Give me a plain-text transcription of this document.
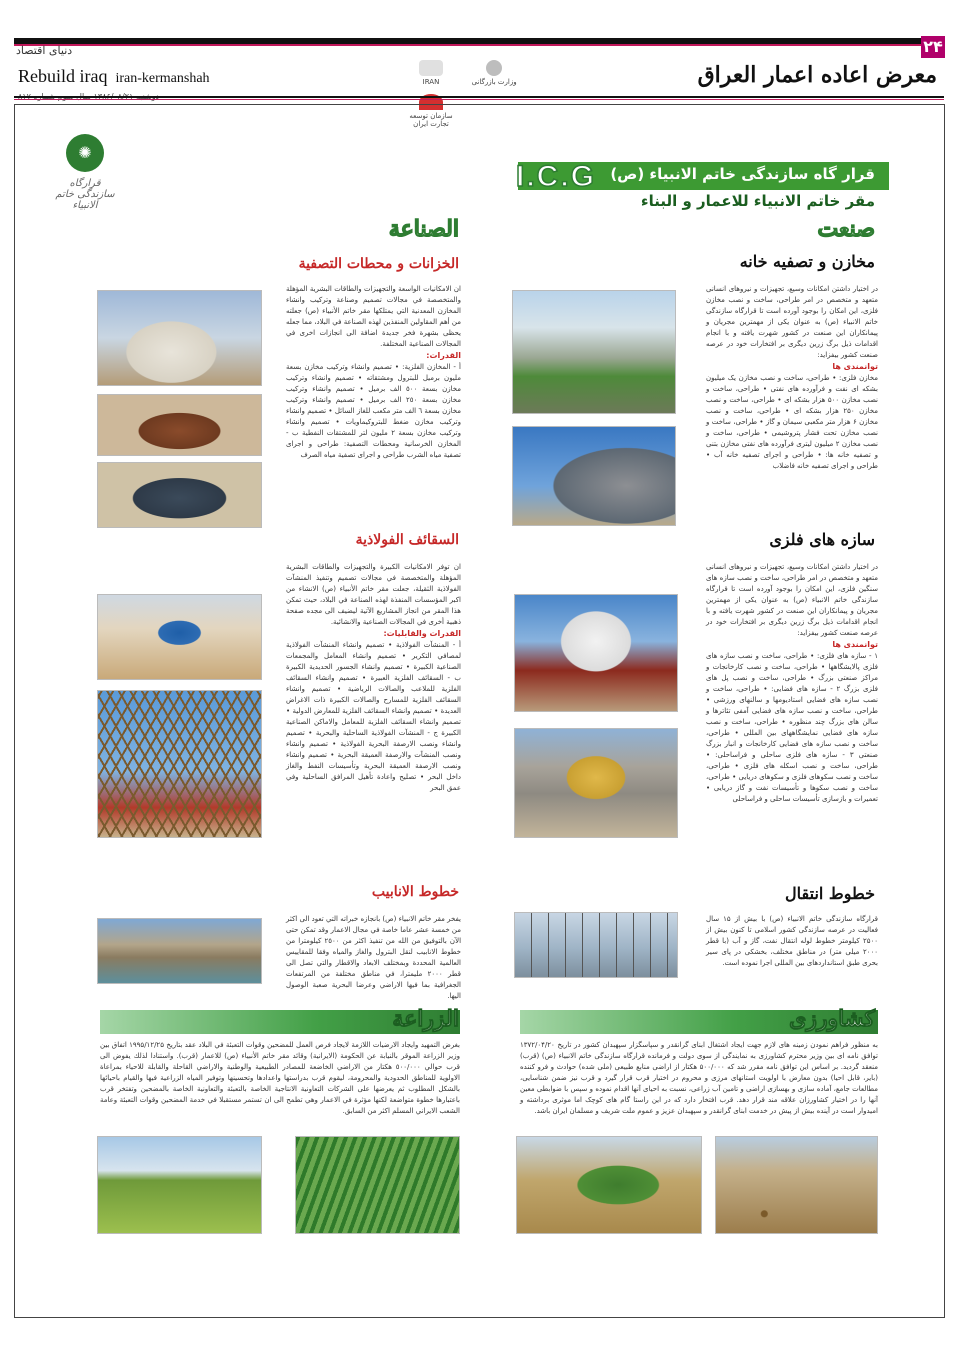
۲۴
دنیای اقتصاد
Rebuild iraq iran-kermanshah	معرض اعاده اعمار العراق
IRAN	وزارت بازرگانی
سازمان توسعه تجارت ایران
✺
قرارگاه سازندگی خاتم الانبیاء
I.C.G قرار گاه سازندگی خاتم الانبیاء (ص)
مقر خاتم الانبیاء للاعمار و البناء
صنعت
الصناعة
مخازن و تصفیه خانه
الخزانات و محطات التصفية
در اختیار داشتن امکانات وسیع، تجهیزات و نیروهای انسانی متعهد و متخصص در امر طراحی، ساخت و نصب مخازن فلزی، این امکان را بوجود آورده است تا قرارگاه سازندگی خاتم الانبیاء (ص) به عنوان یکی از مهمترین مجریان و پیمانکاران این صنعت در کشور شهرت یافته و با انجام اقدامات ذیل برگ زرین دیگری بر افتخارات خود در عرصه صنعت کشور بیفزاید:
توانمندی ها
مخازن فلزی: • طراحی، ساخت و نصب مخازن یک میلیون بشکه ای نفت و فرآورده های نفتی • طراحی، ساخت و نصب مخازن ۵۰۰ هزار بشکه ای • طراحی، ساخت و نصب مخازن ۲۵۰ هزار بشکه ای • طراحی، ساخت و نصب مخازن ۶ هزار متر مکعبی سیمان و گاز • طراحی، ساخت و نصب مخازن تحت فشار پتروشیمی • طراحی، ساخت و نصب مخازن ۲ میلیون لیتری فرآورده های نفتی مخازن بتنی و تصفیه خانه ها: • طراحی و اجرای تصفیه خانه آب • طراحی و اجرای تصفیه خانه فاضلاب
ان الامكانيات الواسعة والتجهيزات والطاقات البشرية المؤهلة والمتخصصة في مجالات تصميم وصناعة وتركيب وانشاء المخازن المعدنية التي يمتلكها مقر خاتم الأنبياء (ص) جعلته من أهم المقاولين المنفذين لهذه الصناعة في البلاد، مما جعله يحظى بشهرة فخر جديدة اضافة الى انجازات اخرى في المجالات الصناعية المختلفة.
القدرات:
أ - المخازن الفلزية: • تصميم وانشاء وتركيب مخازن بسعة مليون برميل للبترول ومشتقاته • تصميم وانشاء وتركيب مخازن بسعة ٥٠٠ الف برميل • تصميم وانشاء وتركيب مخازن بسعة ٢٥٠ الف برميل • تصميم وانشاء وتركيب مخازن بسعة ٦ الف متر مكعب للغاز السائل • تصميم وانشاء وتركيب مخازن ضغط للبتروكيماويات • تصميم وانشاء وتركيب مخازن بسعة ٢ مليون لتر للمشتقات النفطية ب - المخازن الخرسانية ومحطات التصفية: طراحى و اجراى تصفية مياه الشرب طراحى و اجراى تصفية مياه الصرف
سازه های فلزی
السقائف الفولاذية
در اختیار داشتن امکانات وسیع، تجهیزات و نیروهای انسانی متعهد و متخصص در امر طراحی، ساخت و نصب سازه های سنگین فلزی، این امکان را بوجود آورده است تا قرارگاه سازندگی خاتم الانبیاء (ص) به عنوان یکی از مهمترین مجریان و پیمانکاران این صنعت در کشور شهرت یافته و با انجام اقدامات ذیل برگ زرین دیگری بر افتخارات خود در عرصه صنعت کشور بیفزاید:
توانمندی ها
۱ - سازه های فلزی: • طراحی، ساخت و نصب سازه های فلزی پالایشگاهها • طراحی، ساخت و نصب کارخانجات و مراکز صنعتی بزرگ • طراحی، ساخت و نصب پل های فلزی بزرگ ۲ - سازه های فضایی: • طراحی، ساخت و نصب سازه های فضایی استادیومها و سالنهای ورزشی • طراحی، ساخت و نصب سازه های فضایی آمفی تئاترها و سالن های بزرگ چند منظوره • طراحی، ساخت و نصب سازه های فضایی نمایشگاههای بین المللی • طراحی، ساخت و نصب سازه های فضایی کارخانجات و انبار بزرگ صنعتی ۳ - سازه های فلزی ساحلی و فراساحلی: • طراحی، ساخت و نصب اسکله های فلزی • طراحی، ساخت و نصب سکوهای فلزی و سکوهای دریایی • طراحی، ساخت و نصب سکوها و تأسیسات نفت و گاز دریایی • تعمیرات و بازسازی تأسیسات ساحلی و فراساحلی
ان توفر الامكانيات الكبيرة والتجهيزات والطاقات البشرية المؤهلة والمتخصصة في مجالات تصميم وتنفيذ المنشآت الفولاذية الثقيلة، جعلت مقر خاتم الأنبياء (ص) الانشاء من اكبر المؤسسات المنفذة لهذه الصناعة في البلاد، حيث تمكن هذا المقر من انجاز المشاريع الآتية ليضيف الى مجده صفحة ذهبية أخرى في المجالات الصناعية والانشائية.
القدرات والقابليات:
أ - المنشآت الفولاذية • تصميم وانشاء المنشآت الفولاذية لمصافي التكرير • تصميم وانشاء المعامل والمجمعات الصناعية الكبيرة • تصميم وانشاء الجسور الحديدية الكبيرة ب - السقائف الفلزية العبيرة • تصميم وانشاء السقائف الفلزية للملاعب والصالات الرياضية • تصميم وانشاء السقائف الفلزية للمسارح والصالات الكبيرة ذات الاغراض العديدة • تصميم وانشاء السقائف الفلزية للمعارض الدولية • تصميم وانشاء السقائف الفلزية للمعامل والاماكن الصناعية الكبيرة ج - المنشآت الفولاذية الساحلية والبحرية • تصميم وانشاء ونصب الارصفة البحرية الفولاذية • تصميم وانشاء ونصب المنشآت والارصفة العميقة البحرية • تصميم وانشاء ونصب الارصفة العميقة البحرية وتأسيسات النفط والغاز داخل البحر • تصليح واعادة تأهيل المرافق الساحلية وفي عمق البحر
خطوط انتقال
خطوط الانابيب
قرارگاه سازندگی خاتم الانبیاء (ص) با بیش از ۱۵ سال فعالیت در عرصه سازندگی کشور اسلامی تا کنون بیش از ۲۵۰۰ کیلومتر خطوط لوله انتقال نفت، گاز و آب (با قطر ۲۰۰۰ میلی متر) در مناطق مختلف، بخشکی در پای سیر بحری طبق استانداردهای بین المللی اجرا نموده است.
يفخر مقر خاتم الانبياء (ص) بانجازه خبراته التي تعود الى اكثر من خمسة عشر عاما خاصة في مجال الاعمار وقد تمكن حتى الآن بالتوفيق من الله من تنفيذ اكثر من ٢٥٠٠ كيلومترا من خطوط الانابيب لنقل البترول والغاز والمياه وفقا للمقاييس العالمية المحددة وبمختلف الابعاد والاقطار والتي تصل الى قطر ٢٠٠٠ مليمترا، في مناطق مختلفة من المرتفعات الجغرافية بما فيها الاراضي وعرضا البحرية صعبة الوصول اليها.
کشاورزی
الزراعة
به منظور فراهم نمودن زمینه های لازم جهت ایجاد اشتغال ابنای گرانقدر و سپاسگزار سپهبدان کشور در تاریخ ۱۳۷۲/۰۴/۲۰ توافق نامه ای بین وزیر محترم کشاورزی به نمایندگی از سوی دولت و فرمانده قرارگاه سازندگی خاتم الانبیاء (ص) (قرب) منعقد گردید. بر اساس این توافق نامه مقرر شد که ۵۰۰/۰۰۰ هکتار از اراضی منابع طبیعی (ملی شده) حوادث و فرو کننده (بایر، قابل احیا) بدون معارض با اولویت استانهای مرزی و محروم در اختیار قرب قرار گیرد و قرب نیز ضمن شناسایی، مطالعات جامع، آماده سازی و بهسازی اراضی و تامین آب زراعی، نسبت به احیای آنها اقدام نموده و سپس با ضوابطی معین آنها را در اختیار کشاورزان علاقه مند قرار دهد. قرب افتخار دارد که در این راستا گام های کوچک اما موثری برداشته و امیدوار است در آینده بیش از پیش در خدمت ابنای گرانقدر و سپهبدان عزیز و عموم ملت شریف و مسلمان ایران باشد.
بغرض التمهيد وايجاد الارضيات اللازمة لايجاد فرص العمل للمضحين وقوات التعبئة في البلاد عقد بتاريخ ۱۹۹۵/۱۲/۲۵ اتفاق بين وزير الزراعة الموقر بالنيابة عن الحكومة (الايرانية) وقائد مقر خاتم الأنبياء (ص) للاعمار (قرب). واستنادا لذلك يفوض الى قرب حوالي ٥٠٠/٠٠٠ هكتار من الاراضي الخاضعة للمصادر الطبيعية والوطنية والاراضي القاحلة والقابلة للاحياء بمراعاة الاولوية للمناطق الحدودية والمحرومة، ليقوم قرب بدراستها واعدادها وتحسينها وتوفير المياه الزراعية فيها والقيام باحيائها بالشكل المطلوب ثم يعرضها على الشركات التعاونية الانتاجية الخاصة بالتعبئة والتعاونية الخاصة بالمضحين وتفتخر قرب باعتبارها خطوة متواضعة لكنها مؤثرة في الاعمار وهي تطمح الى ان تستمر مستقبلا في خدمة المضحين وقوات التعبئة وعامة الشعب الايراني المسلم اكثر من السابق.
